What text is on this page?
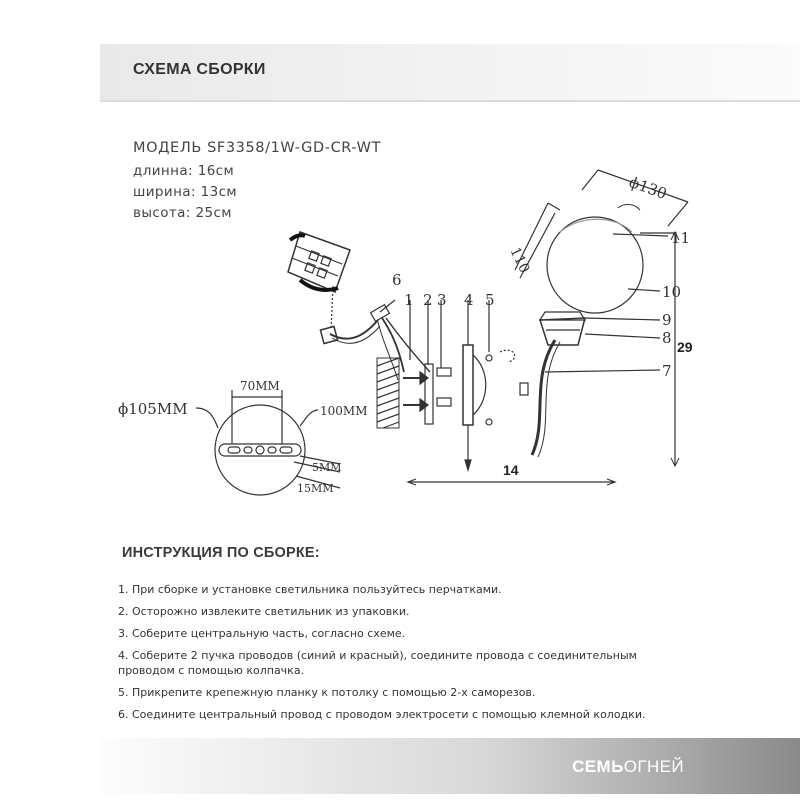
СХЕМА СБОРКИ
МОДЕЛЬ SF3358/1W-GD-CR-WT
длинна: 16см
ширина: 13см
высота: 25см
6
1 2 3 4 5
11
10
9
8
7
ϕ130
110
14
29
ϕ105ММ
70ММ
100ММ
5ММ
15ММ
ИНСТРУКЦИЯ ПО СБОРКЕ:
1. При сборке и установке светильника пользуйтесь перчатками.
2. Осторожно извлеките светильник из упаковки.
3. Соберите центральную часть, согласно схеме.
4. Соберите 2 пучка проводов (синий и красный), соедините провода с соединительным
проводом с помощью колпачка.
5. Прикрепите крепежную планку к потолку с помощью 2-х саморезов.
6. Соедините центральный провод с проводом электросети с помощью клемной колодки.
СЕМЬОГНЕЙ
